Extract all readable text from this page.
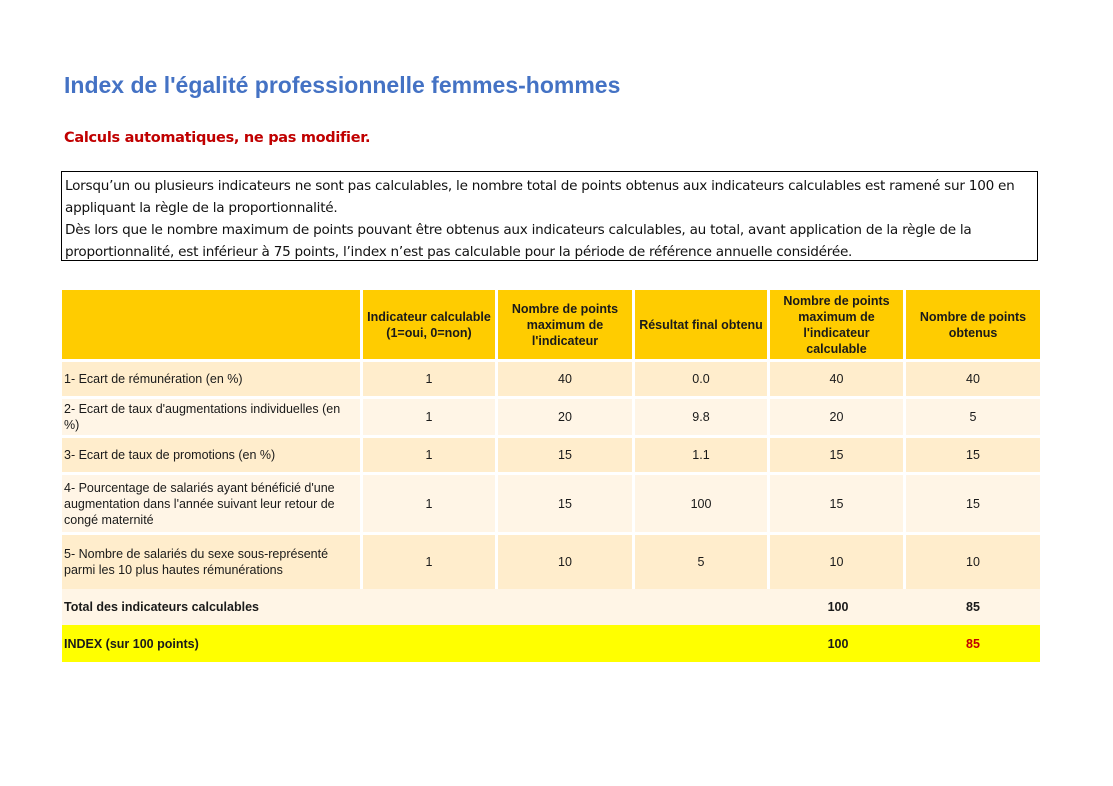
Index de l'égalité professionnelle femmes-hommes
Calculs automatiques, ne pas modifier.

Lorsqu’un ou plusieurs indicateurs ne sont pas calculables, le nombre total de points obtenus aux indicateurs calculables est ramené sur 100 en appliquant la règle de la proportionnalité.

Dès lors que le nombre maximum de points pouvant être obtenus aux indicateurs calculables, au total, avant application de la règle de la proportionnalité, est inférieur à 75 points, l’index n’est pas calculable pour la période de référence annuelle considérée.

	Indicateur calculable (1=oui, 0=non)	Nombre de points maximum de l'indicateur	Résultat final obtenu	Nombre de points maximum de l'indicateur calculable	Nombre de points obtenus
1- Ecart de rémunération (en %)	1	40	0.0	40	40
2- Ecart de taux d'augmentations individuelles (en %)	1	20	9.8	20	5
3- Ecart de taux de promotions (en %)	1	15	1.1	15	15
4- Pourcentage de salariés ayant bénéficié d'une augmentation dans l'année suivant leur retour de congé maternité	1	15	100	15	15
5- Nombre de salariés du sexe sous-représenté parmi les 10 plus hautes rémunérations	1	10	5	10	10
Total des indicateurs calculables				100	85
INDEX (sur 100 points)				100	85
